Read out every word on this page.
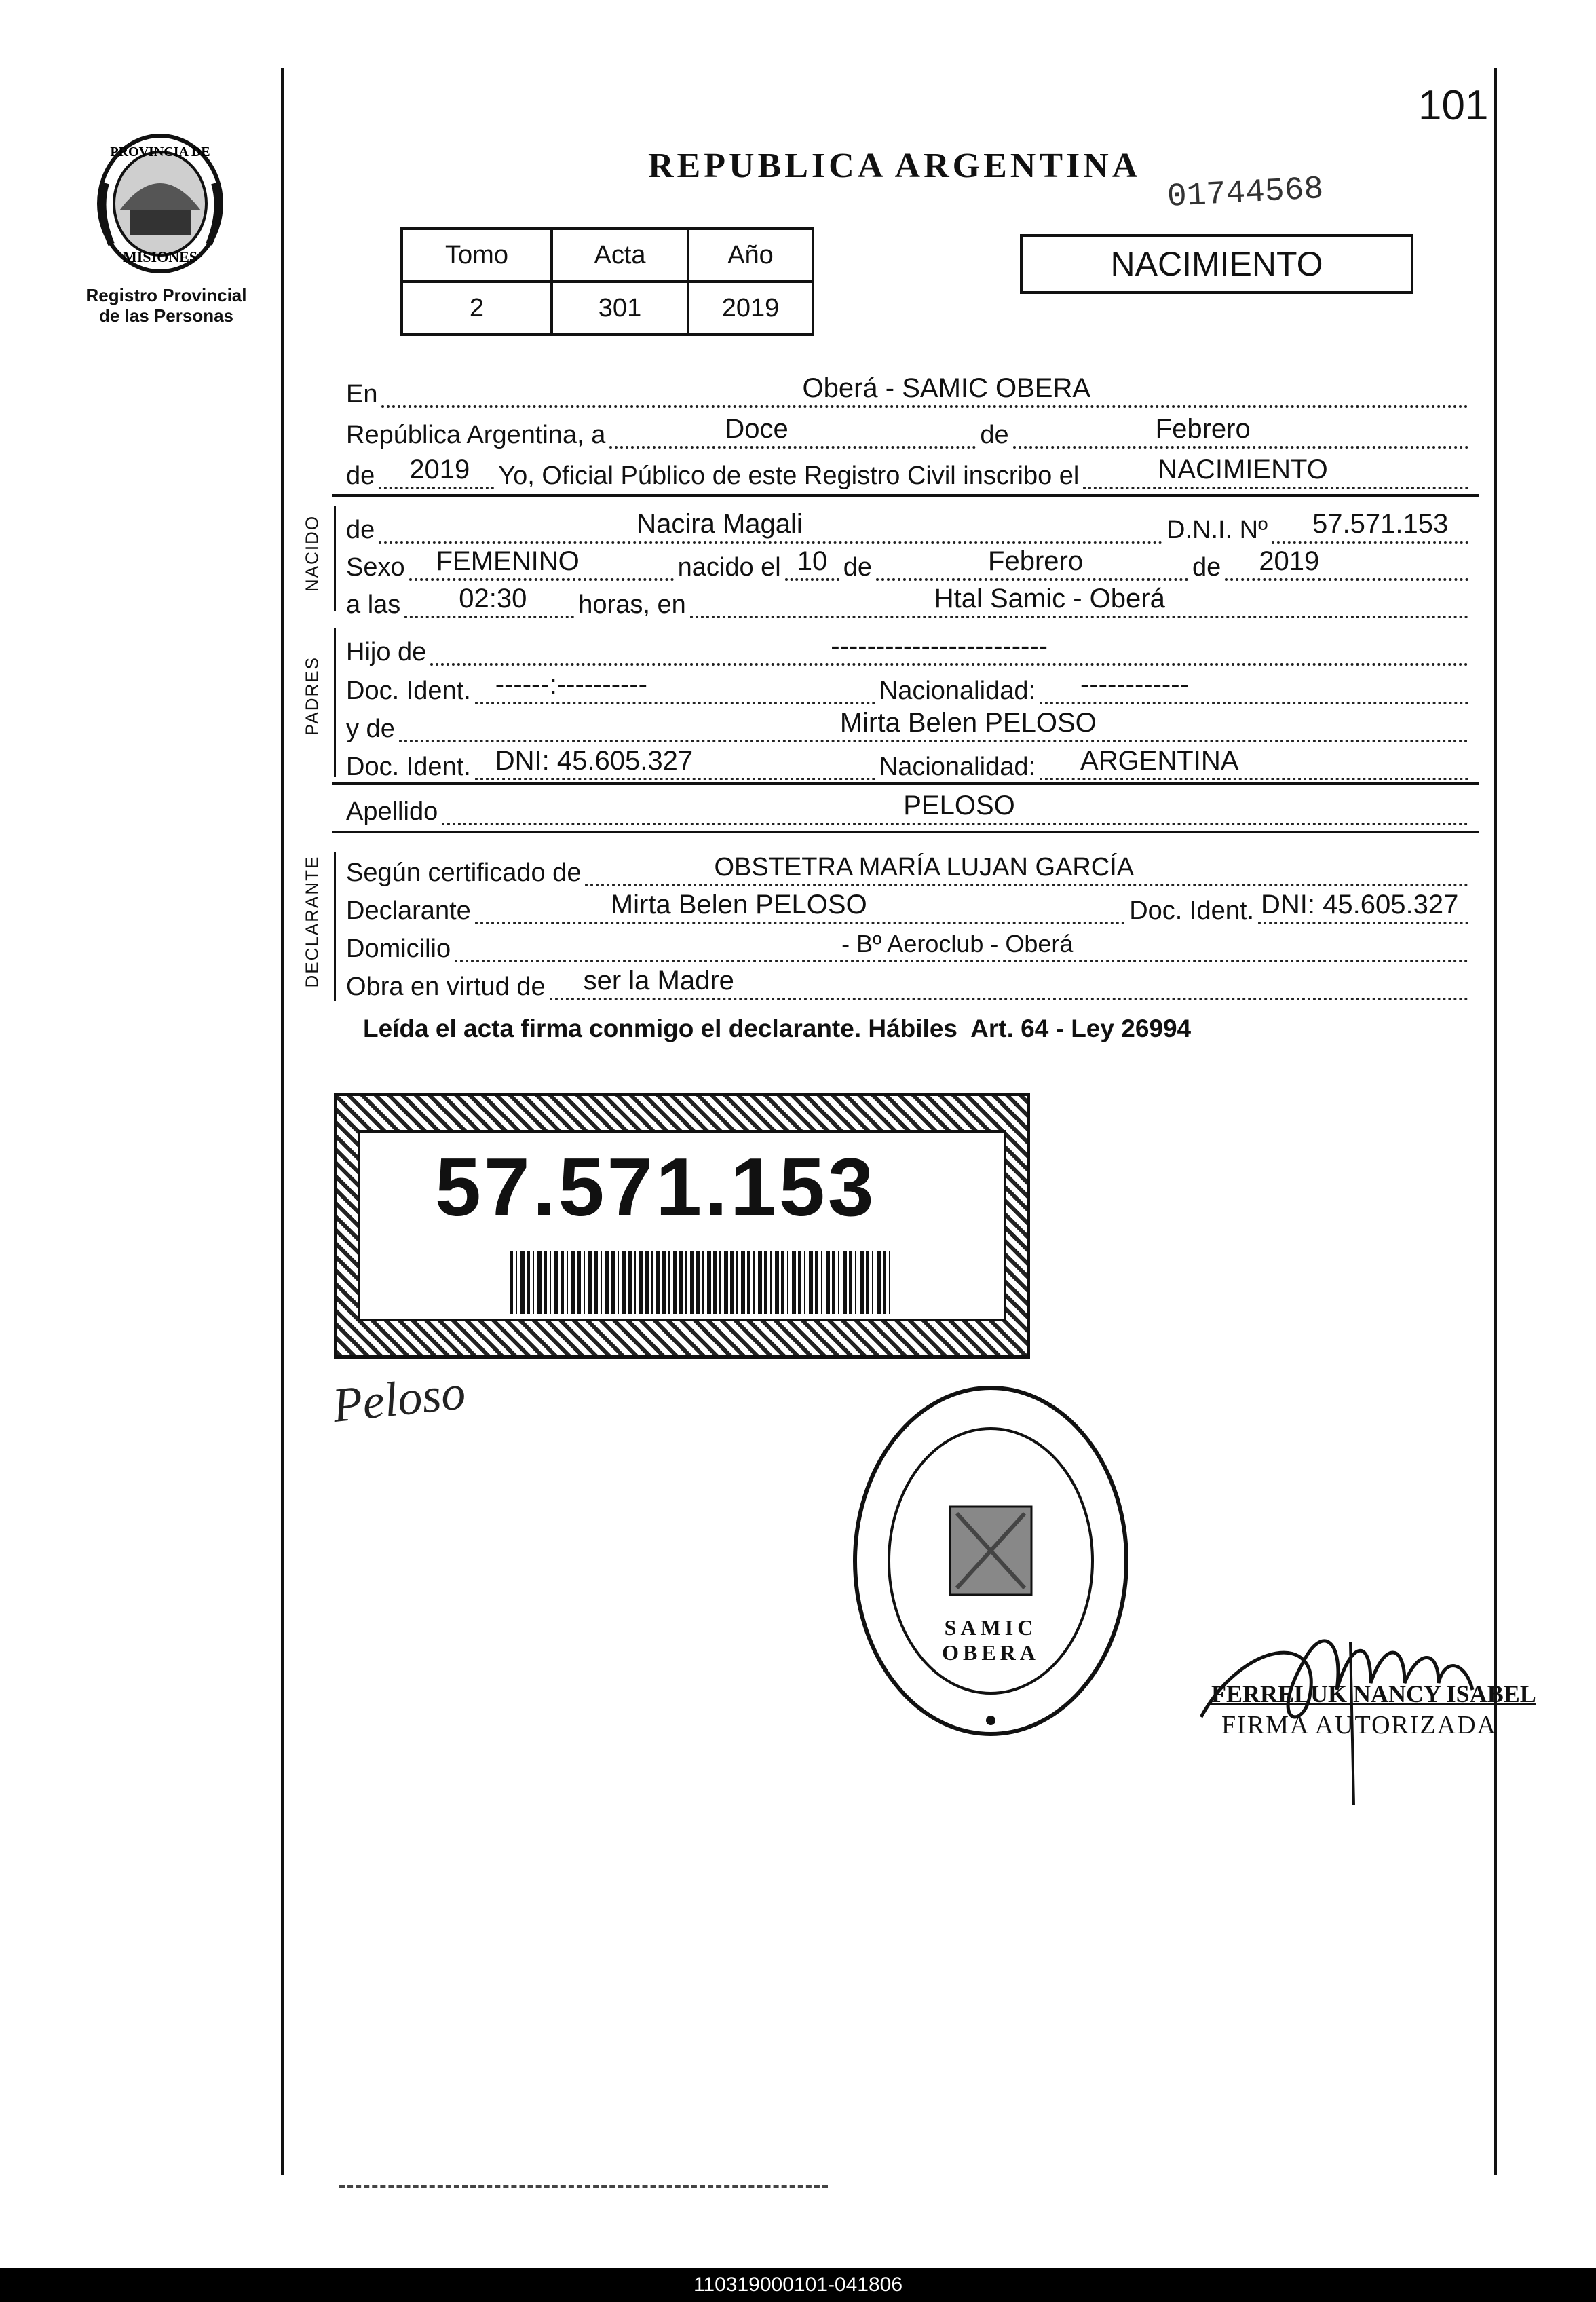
101
PROVINCIA DE
MISIONES
Registro Provincial
de las Personas
REPUBLICA ARGENTINA
01744568
Tomo	Acta	Año
2	301	2019
NACIMIENTO
En	Oberá - SAMIC OBERA
República Argentina, a	Doce	de	Febrero
de 2019 Yo, Oficial Público de este Registro Civil inscribo el	NACIMIENTO
NACIDO de	Nacira Magali	D.N.I. Nº 57.571.153
Sexo FEMENINO	nacido el 10 de	Febrero	de 2019
a las 02:30 horas, en	Htal Samic - Oberá
PADRES
Hijo de	------------------------
Doc. Ident. ------:----------	Nacionalidad: ------------
y de	Mirta Belen PELOSO
Doc. Ident. DNI: 45.605.327	Nacionalidad: ARGENTINA
Apellido	PELOSO
DECLARANTE Según certificado de	OBSTETRA MARÍA LUJAN GARCÍA
Declarante	Mirta Belen PELOSO	Doc. Ident. DNI: 45.605.327
Domicilio	- Bº Aeroclub - Oberá
Obra en virtud de ser la Madre
Leída el acta firma conmigo el declarante. Hábiles  Art. 64 - Ley 26994
57.571.153
Peloso
SAMIC OBERA
FERRELUK NANCY ISABEL
FIRMA AUTORIZADA
110319000101-041806
